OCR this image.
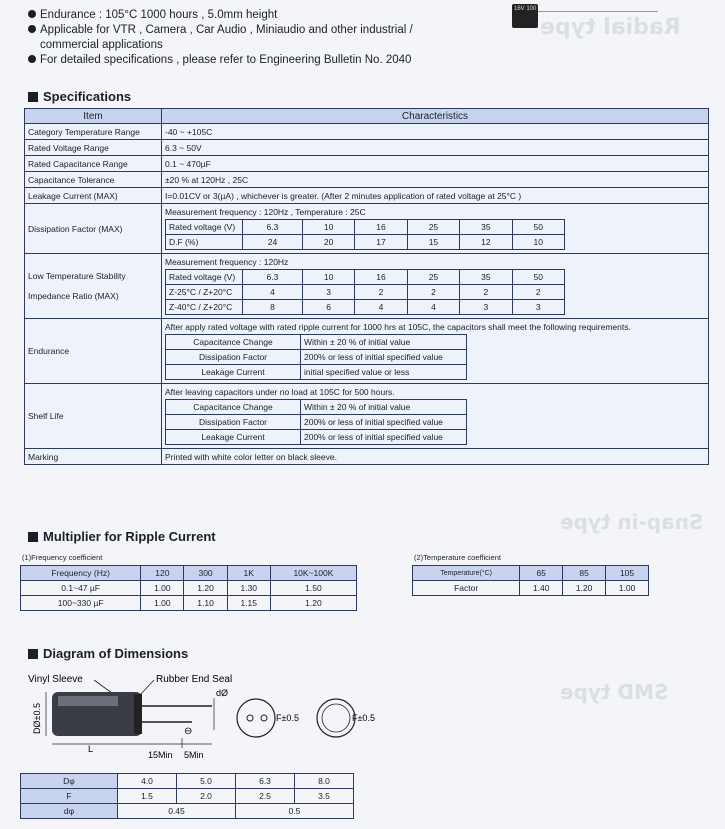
Radial type
Snap-in type
SMD type
Endurance : 105°C 1000 hours , 5.0mm height
Applicable for VTR , Camera , Car Audio , Miniaudio and other industrial /
commercial applications
For detailed specifications , please refer to Engineering Bulletin No. 2040
16V 100
Specifications
Item	Characteristics
Category Temperature Range	-40 ~ +105C
Rated Voltage Range	6.3 ~ 50V
Rated Capacitance Range	0.1 ~ 470µF
Capacitance Tolerance	±20 % at 120Hz , 25C
Leakage Current (MAX)	I=0.01CV or 3(µA) , whichever is greater. (After 2 minutes application of rated voltage at 25°C )
Dissipation Factor (MAX)	
Measurement frequency : 120Hz , Temperature : 25C
Rated voltage (V)	6.3	10	16	25	35	50
D.F (%)	24	20	17	15	12	10

Low Temperature Stability

Impedance Ratio (MAX)	
Measurement frequency : 120Hz
Rated voltage (V)	6.3	10	16	25	35	50
Z-25°C / Z+20°C	4	3	2	2	2	2
Z-40°C / Z+20°C	8	6	4	4	3	3

Endurance	
After apply rated voltage with rated ripple current for 1000 hrs at 105C, the capacitors shall meet the following requirements.
Capacitance Change	Within ± 20 % of initial value
Dissipation Factor	200% or less of initial specified value
Leakage Current	initial specified value or less

Shelf Life	
After leaving capacitors under no load at 105C for 500 hours.
Capacitance Change	Within ± 20 % of initial value
Dissipation Factor	200% or less of initial specified value
Leakage Current	200% or less of initial specified value

Marking	Printed with white color letter on black sleeve.
Multiplier for Ripple Current
(1)Frequency coefficient
Frequency (Hz)	120	300	1K	10K~100K
0.1~47 µF	1.00	1.20	1.30	1.50
100~330 µF	1.00	1.10	1.15	1.20
(2)Temperature coefficient
Temperature(°C)	65	85	105
Factor	1.40	1.20	1.00
Diagram of Dimensions
Vinyl Sleeve	Rubber End Seal
DØ±0.5
L
15Min 5Min
⊖
dØ
F±0.5	F±0.5
Dφ	4.0	5.0	6.3	8.0
F	1.5	2.0	2.5	3.5
dφ	0.45		0.5	
